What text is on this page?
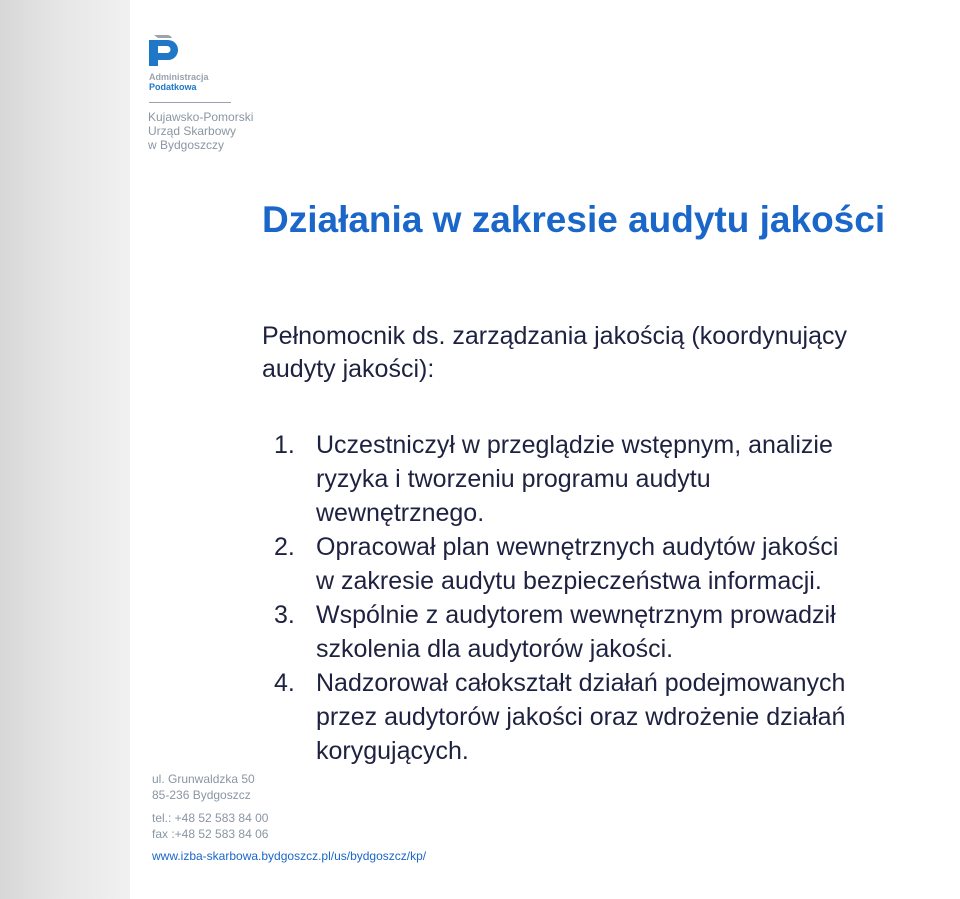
Administracja
Podatkowa
Kujawsko-Pomorski
Urząd Skarbowy
w Bydgoszczy
Działania w zakresie audytu jakości

Pełnomocnik ds. zarządzania jakością (koordynujący
audyty jakości):

1. Uczestniczył w przeglądzie wstępnym, analizie
ryzyka i tworzeniu programu audytu
wewnętrznego.
2. Opracował plan wewnętrznych audytów jakości
w zakresie audytu bezpieczeństwa informacji.
3. Wspólnie z audytorem wewnętrznym prowadził
szkolenia dla audytorów jakości.
4. Nadzorował całokształt działań podejmowanych
przez audytorów jakości oraz wdrożenie działań
korygujących.
ul. Grunwaldzka 50
85-236 Bydgoszcz
tel.: +48 52 583 84 00
fax :+48 52 583 84 06
www.izba-skarbowa.bydgoszcz.pl/us/bydgoszcz/kp/
